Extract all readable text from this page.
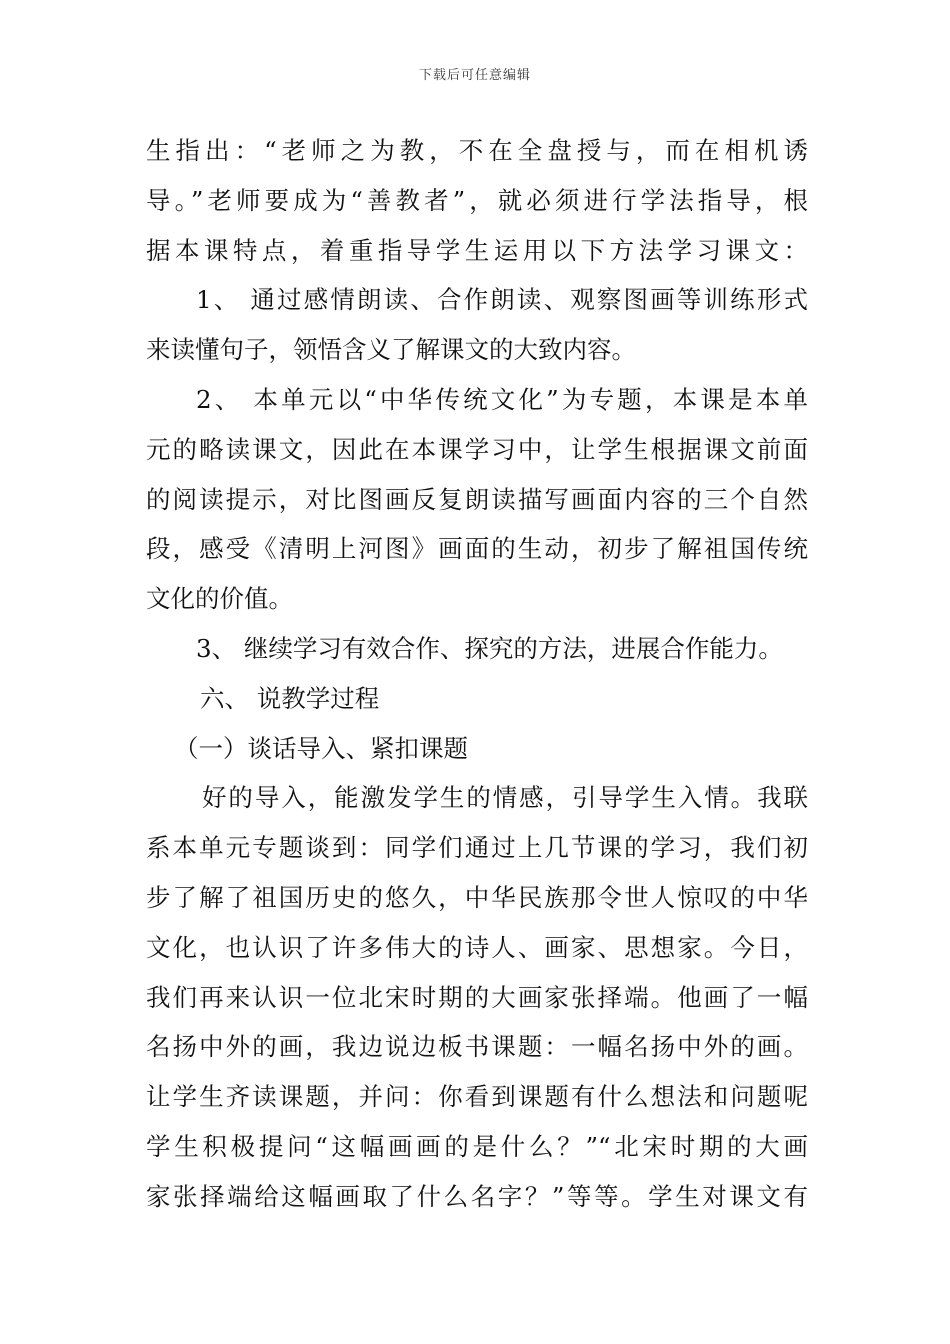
下载后可任意编辑
生指出：“老师之为教，不在全盘授与，而在相机诱
导。”老师要成为“善教者”，就必须进行学法指导，根
据本课特点，着重指导学生运用以下方法学习课文：
1、 通过感情朗读、合作朗读、观察图画等训练形式
来读懂句子，领悟含义了解课文的大致内容。
2、 本单元以“中华传统文化”为专题，本课是本单
元的略读课文，因此在本课学习中，让学生根据课文前面
的阅读提示，对比图画反复朗读描写画面内容的三个自然
段，感受《清明上河图》画面的生动，初步了解祖国传统
文化的价值。
3、 继续学习有效合作、探究的方法，进展合作能力。
六、 说教学过程
（一）谈话导入、紧扣课题
好的导入，能激发学生的情感，引导学生入情。我联
系本单元专题谈到：同学们通过上几节课的学习，我们初
步了解了祖国历史的悠久，中华民族那令世人惊叹的中华
文化，也认识了许多伟大的诗人、画家、思想家。今日，
我们再来认识一位北宋时期的大画家张择端。他画了一幅
名扬中外的画，我边说边板书课题：一幅名扬中外的画。
让学生齐读课题，并问：你看到课题有什么想法和问题呢
学生积极提问“这幅画画的是什么？”“北宋时期的大画
家张择端给这幅画取了什么名字？”等等。学生对课文有
